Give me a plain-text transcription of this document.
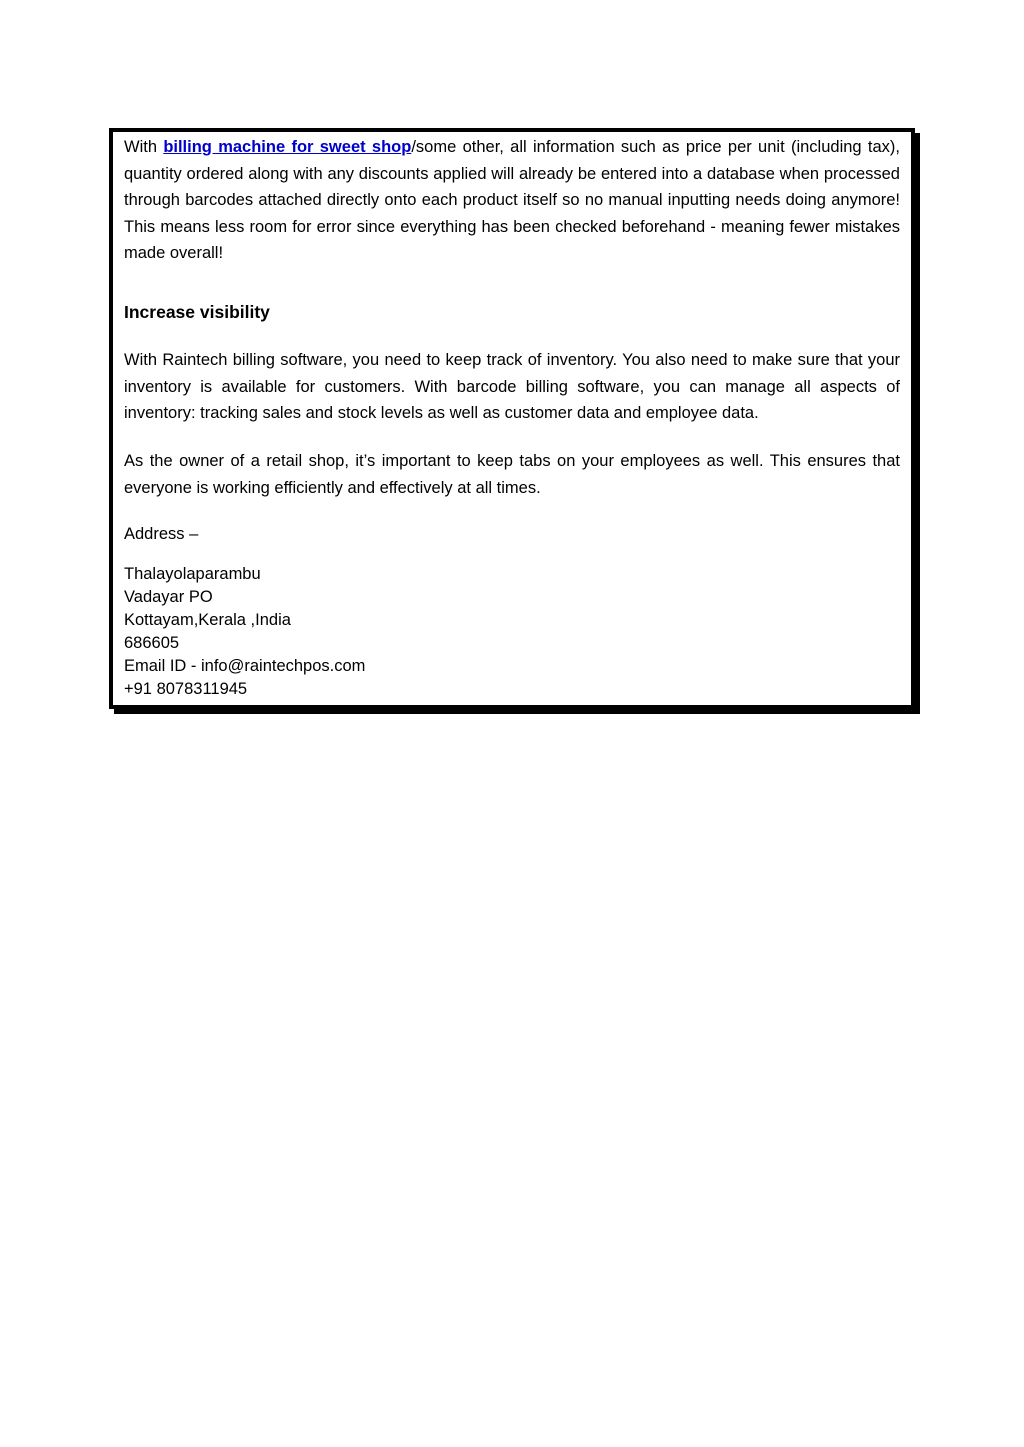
With billing machine for sweet shop/some other, all information such as price per unit (including tax), quantity ordered along with any discounts applied will already be entered into a database when processed through barcodes attached directly onto each product itself so no manual inputting needs doing anymore! This means less room for error since everything has been checked beforehand - meaning fewer mistakes made overall!

Increase visibility

With Raintech billing software, you need to keep track of inventory. You also need to make sure that your inventory is available for customers. With barcode billing software, you can manage all aspects of inventory: tracking sales and stock levels as well as customer data and employee data.

As the owner of a retail shop, it’s important to keep tabs on your employees as well. This ensures that everyone is working efficiently and effectively at all times.

Address –

Thalayolaparambu
Vadayar PO
Kottayam,Kerala ,India
686605
Email ID - info@raintechpos.com
+91 8078311945
